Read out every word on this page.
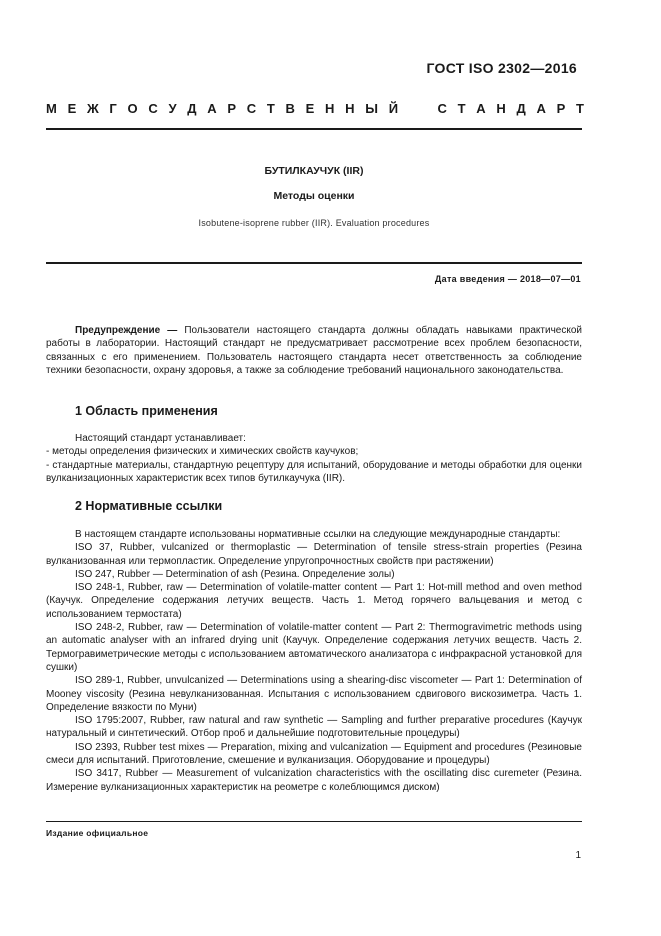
ГОСТ ISO 2302—2016
М Е Ж Г О С У Д А Р С Т В Е Н Н Ы Й

	С Т А Н Д А Р Т
БУТИЛКАУЧУК (IIR)
Методы оценки
Isobutene-isoprene rubber (IIR). Evaluation procedures
Дата введения — 2018—07—01
Предупреждение — Пользователи настоящего стандарта должны обладать навыками практической работы в лаборатории. Настоящий стандарт не предусматривает рассмотрение всех проблем безопасности, связанных с его применением. Пользователь настоящего стандарта несет ответственность за соблюдение техники безопасности, охрану здоровья, а также за соблюдение требований национального законодательства.
1 Область применения
Настоящий стандарт устанавливает:
- методы определения физических и химических свойств каучуков;
- стандартные материалы, стандартную рецептуру для испытаний, оборудование и методы обработки для оценки вулканизационных характеристик всех типов бутилкаучука (IIR).
2 Нормативные ссылки
В настоящем стандарте использованы нормативные ссылки на следующие международные стандарты:
ISO 37, Rubber, vulcanized or thermoplastic — Determination of tensile stress-strain properties (Резина вулканизованная или термопластик. Определение упругопрочностных свойств при растяжении)
ISO 247, Rubber — Determination of ash (Резина. Определение золы)
ISO 248-1, Rubber, raw — Determination of volatile-matter content — Part 1: Hot-mill method and oven method (Каучук. Определение содержания летучих веществ. Часть 1. Метод горячего вальцевания и метод с использованием термостата)
ISO 248-2, Rubber, raw — Determination of volatile-matter content — Part 2: Thermogravimetric methods using an automatic analyser with an infrared drying unit (Каучук. Определение содержания летучих веществ. Часть 2. Термогравиметрические методы с использованием автоматического анализатора с инфракрасной установкой для сушки)
ISO 289-1, Rubber, unvulcanized — Determinations using a shearing-disc viscometer — Part 1: Determination of Mooney viscosity (Резина невулканизованная. Испытания с использованием сдвигового вискозиметра. Часть 1. Определение вязкости по Муни)
ISO 1795:2007, Rubber, raw natural and raw synthetic — Sampling and further preparative procedures (Каучук натуральный и синтетический. Отбор проб и дальнейшие подготовительные процедуры)
ISO 2393, Rubber test mixes — Preparation, mixing and vulcanization — Equipment and procedures (Резиновые смеси для испытаний. Приготовление, смешение и вулканизация. Оборудование и процедуры)
ISO 3417, Rubber — Measurement of vulcanization characteristics with the oscillating disc curemeter (Резина. Измерение вулканизационных характеристик на реометре с колеблющимся диском)
Издание официальное
1
